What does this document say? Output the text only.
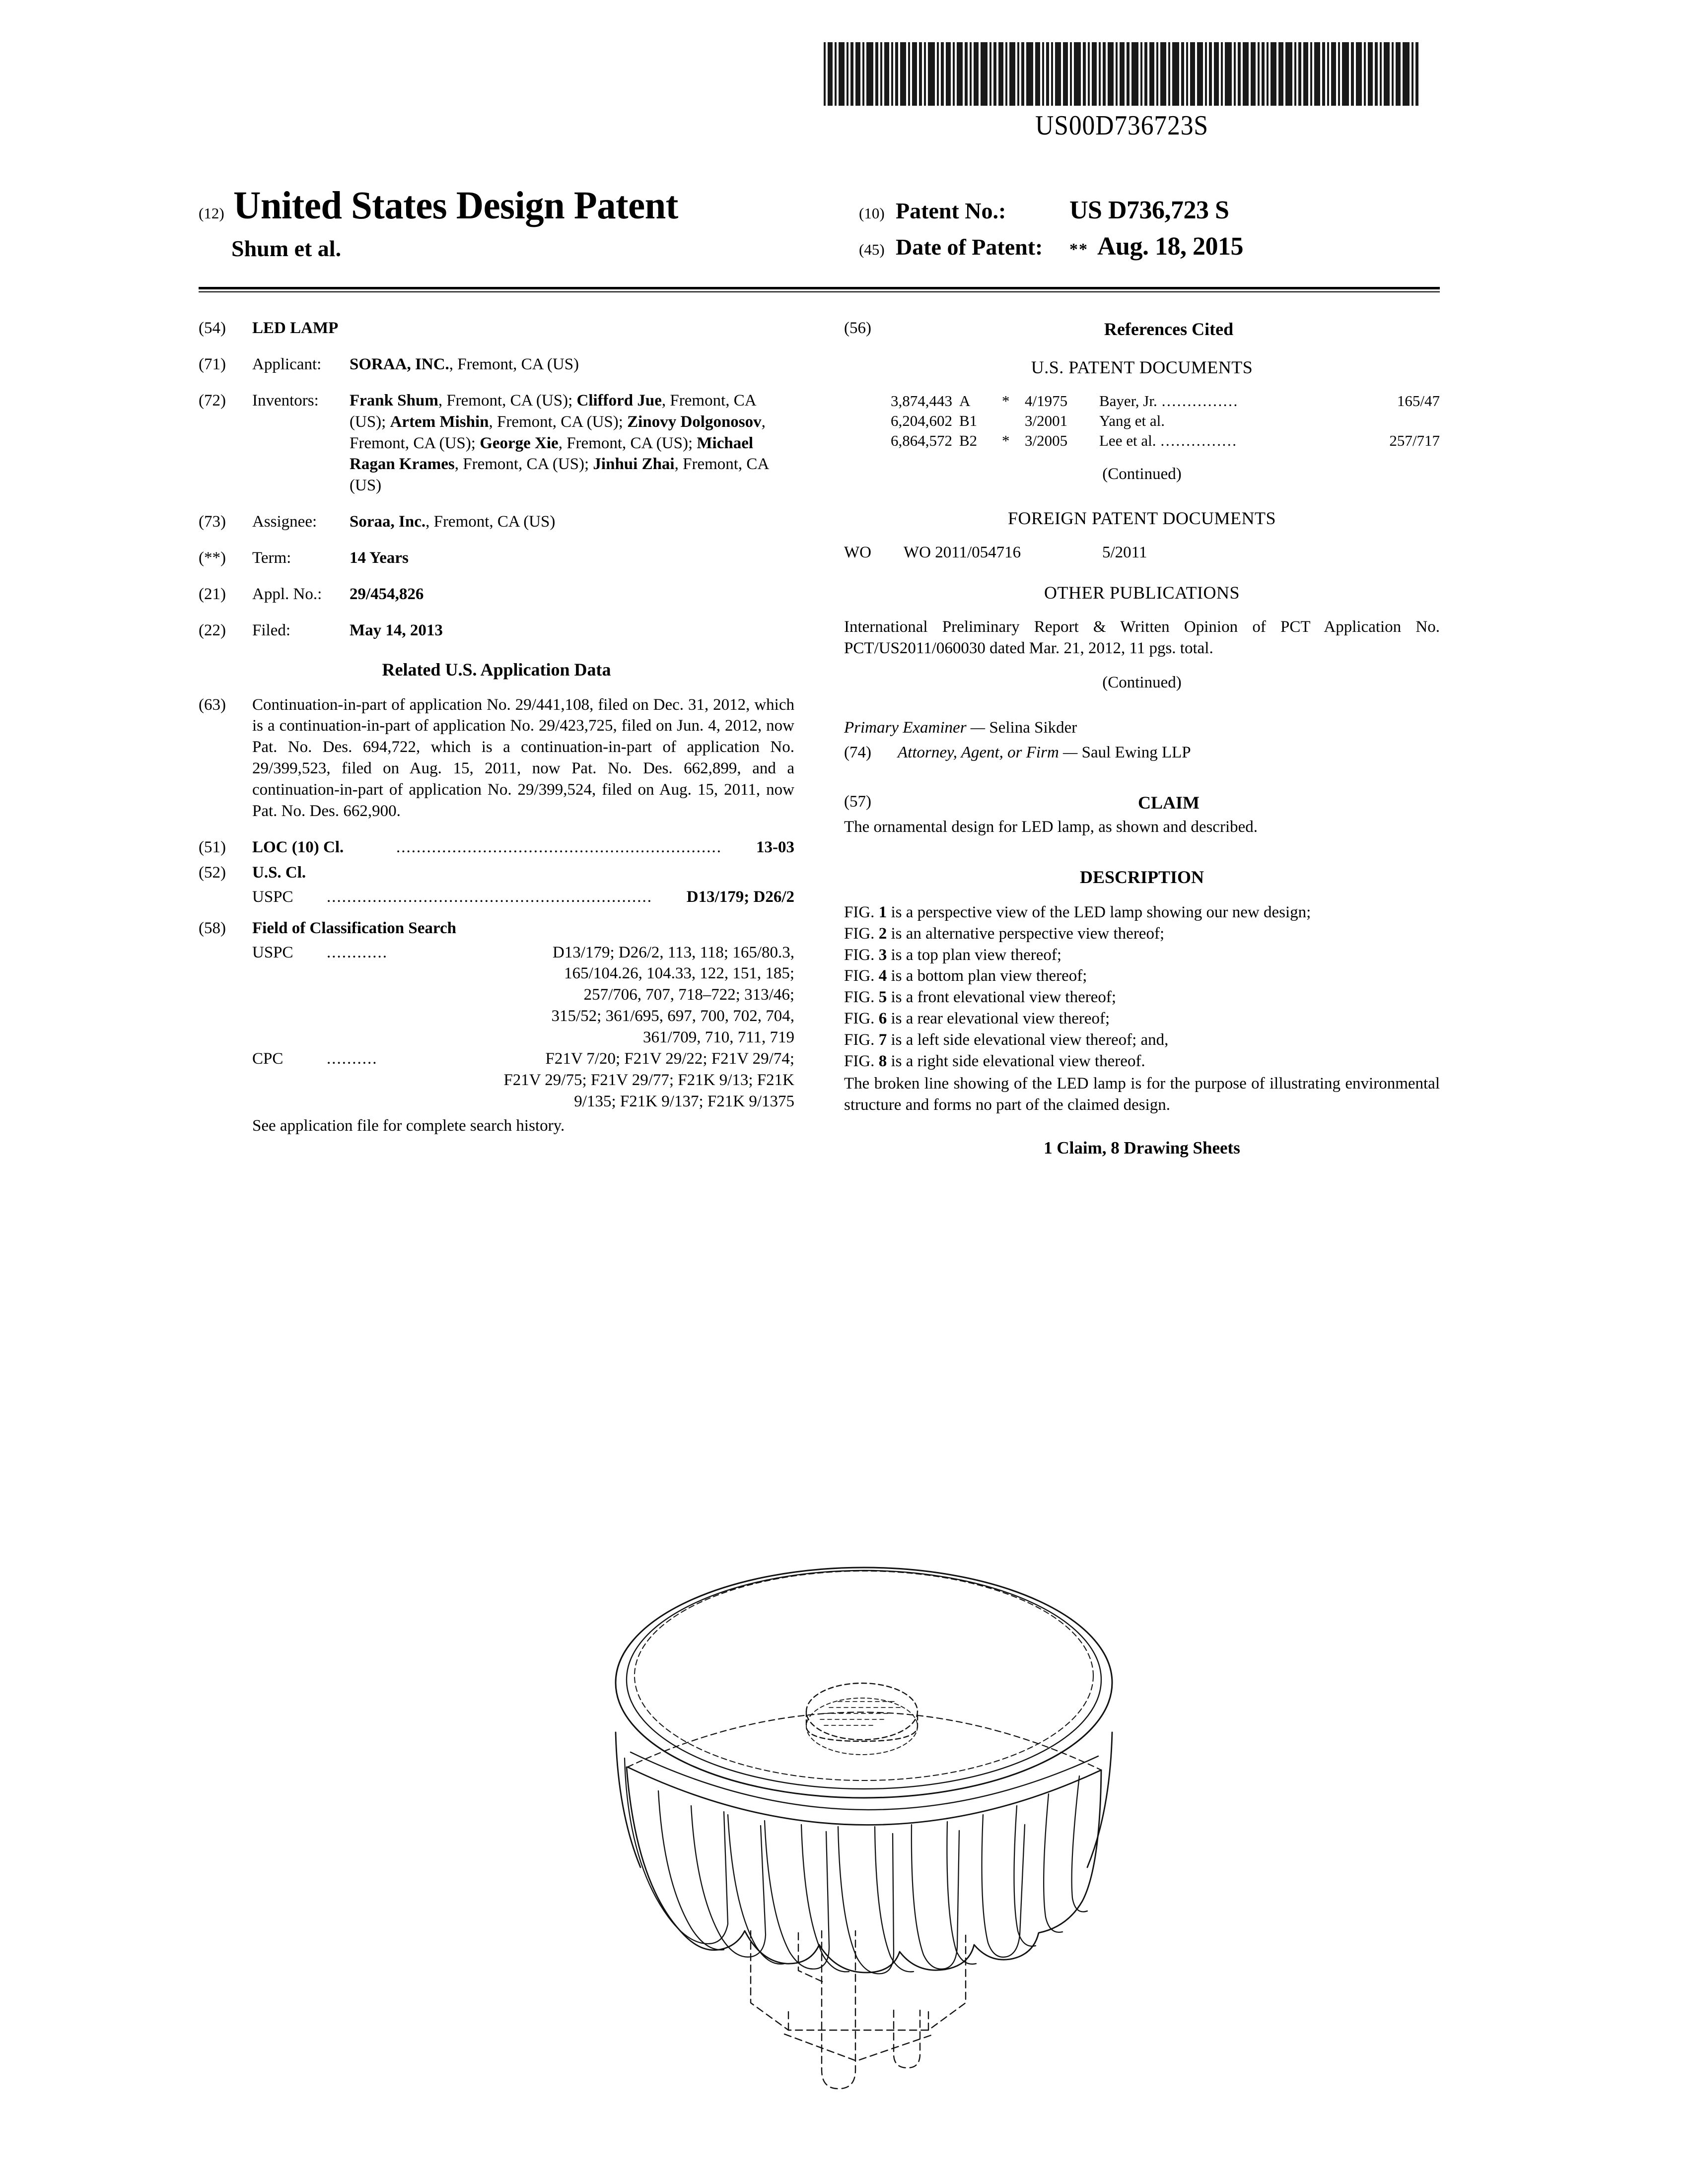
US00D736723S
(12) United States Design Patent
Shum et al.
(10) Patent No.:	US D736,723 S
(45) Date of Patent:	** Aug. 18, 2015
(54)	LED LAMP
(71)	Applicant:	SORAA, INC., Fremont, CA (US)
(72)	Inventors:	Frank Shum, Fremont, CA (US); Clifford Jue, Fremont, CA (US); Artem Mishin, Fremont, CA (US); Zinovy Dolgonosov, Fremont, CA (US); George Xie, Fremont, CA (US); Michael Ragan Krames, Fremont, CA (US); Jinhui Zhai, Fremont, CA (US)
(73)	Assignee:	Soraa, Inc., Fremont, CA (US)
(**)	Term:	14 Years
(21)	Appl. No.:	29/454,826
(22)	Filed:	May 14, 2013
Related U.S. Application Data
(63)	Continuation-in-part of application No. 29/441,108, filed on Dec. 31, 2012, which is a continuation-in-part of application No. 29/423,725, filed on Jun. 4, 2012, now Pat. No. Des. 694,722, which is a continuation-in-part of application No. 29/399,523, filed on Aug. 15, 2011, now Pat. No. Des. 662,899, and a continuation-in-part of application No. 29/399,524, filed on Aug. 15, 2011, now Pat. No. Des. 662,900.
(51)	LOC (10) Cl.	................................................................	13-03
(52)	U.S. Cl.
USPC	................................................................	D13/179; D26/2
(58)	Field of Classification Search
USPC	............	D13/179; D26/2, 113, 118; 165/80.3,
165/104.26, 104.33, 122, 151, 185;
257/706, 707, 718–722; 313/46;
315/52; 361/695, 697, 700, 702, 704,
361/709, 710, 711, 719
CPC	..........	F21V 7/20; F21V 29/22; F21V 29/74;
F21V 29/75; F21V 29/77; F21K 9/13; F21K
9/135; F21K 9/137; F21K 9/1375
See application file for complete search history.
(56)	References Cited
U.S. PATENT DOCUMENTS
3,874,443 A	* 4/1975	Bayer, Jr. ……………	165/47
6,204,602 B1	3/2001	Yang et al.
6,864,572 B2	* 3/2005	Lee et al. ……………	257/717
(Continued)
FOREIGN PATENT DOCUMENTS
WO	WO 2011/054716	5/2011
OTHER PUBLICATIONS
International Preliminary Report & Written Opinion of PCT Application No. PCT/US2011/060030 dated Mar. 21, 2012, 11 pgs. total.
(Continued)
Primary Examiner — Selina Sikder
(74)	Attorney, Agent, or Firm — Saul Ewing LLP
(57)	CLAIM
The ornamental design for LED lamp, as shown and described.
DESCRIPTION
FIG. 1 is a perspective view of the LED lamp showing our new design;
FIG. 2 is an alternative perspective view thereof;
FIG. 3 is a top plan view thereof;
FIG. 4 is a bottom plan view thereof;
FIG. 5 is a front elevational view thereof;
FIG. 6 is a rear elevational view thereof;
FIG. 7 is a left side elevational view thereof; and,
FIG. 8 is a right side elevational view thereof.
The broken line showing of the LED lamp is for the purpose of illustrating environmental structure and forms no part of the claimed design.
1 Claim, 8 Drawing Sheets
